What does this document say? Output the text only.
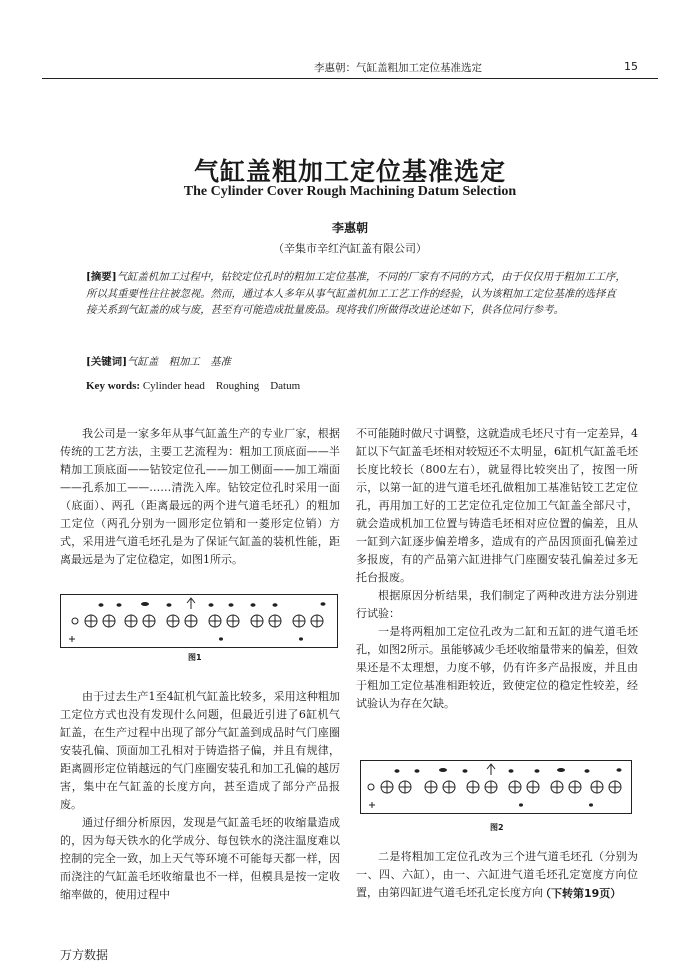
李惠朝：气缸盖粗加工定位基准选定	15
气缸盖粗加工定位基准选定
The Cylinder Cover Rough Machining Datum Selection
李惠朝
（辛集市辛红汽缸盖有限公司）
[摘要]气缸盖机加工过程中，钻铰定位孔时的粗加工定位基准，不同的厂家有不同的方式，由于仅仅用于粗加工工序，所以其重要性往往被忽视。然而，通过本人多年从事气缸盖机加工工艺工作的经验，认为该粗加工定位基准的选择直接关系到气缸盖的成与废，甚至有可能造成批量废品。现将我们所做得改进论述如下，供各位同行参考。
[关键词]气缸盖　粗加工　基准
Key words: Cylinder head　Roughing　Datum

我公司是一家多年从事气缸盖生产的专业厂家，根据传统的工艺方法，主要工艺流程为：粗加工顶底面——半精加工顶底面——钻铰定位孔——加工侧面——加工端面——孔系加工——……清洗入库。钻铰定位孔时采用一面（底面）、两孔（距离最远的两个进气道毛坯孔）的粗加工定位（两孔分别为一圆形定位销和一菱形定位销）方式，采用进气道毛坯孔是为了保证气缸盖的装机性能，距离最远是为了定位稳定，如图1所示。

图1

由于过去生产1至4缸机气缸盖比较多，采用这种粗加工定位方式也没有发现什么问题，但最近引进了6缸机气缸盖，在生产过程中出现了部分气缸盖到成品时气门座圈安装孔偏、顶面加工孔相对于铸造搭子偏，并且有规律，距离圆形定位销越远的气门座圈安装孔和加工孔偏的越厉害，集中在气缸盖的长度方向，甚至造成了部分产品报废。

通过仔细分析原因，发现是气缸盖毛坯的收缩量造成的，因为每天铁水的化学成分、每包铁水的浇注温度难以控制的完全一致，加上天气等环境不可能每天都一样，因而浇注的气缸盖毛坯收缩量也不一样，但模具是按一定收缩率做的，使用过程中

不可能随时做尺寸调整，这就造成毛坯尺寸有一定差异，4缸以下气缸盖毛坯相对较短还不太明显，6缸机气缸盖毛坯长度比较长（800左右），就显得比较突出了，按图一所示，以第一缸的进气道毛坯孔做粗加工基准钻铰工艺定位孔，再用加工好的工艺定位孔定位加工气缸盖全部尺寸，就会造成机加工位置与铸造毛坯相对应位置的偏差，且从一缸到六缸逐步偏差增多，造成有的产品因顶面孔偏差过多报废，有的产品第六缸进排气门座圈安装孔偏差过多无托台报废。

根据原因分析结果，我们制定了两种改进方法分别进行试验：

一是将两粗加工定位孔改为二缸和五缸的进气道毛坯孔，如图2所示。虽能够减少毛坯收缩量带来的偏差，但效果还是不太理想，力度不够，仍有许多产品报废，并且由于粗加工定位基准相距较近，致使定位的稳定性较差，经试验认为存在欠缺。

图2

二是将粗加工定位孔改为三个进气道毛坯孔（分别为一、四、六缸），由一、六缸进气道毛坯孔定宽度方向位置，由第四缸进气道毛坯孔定长度方向

（下转第19页）
万方数据
